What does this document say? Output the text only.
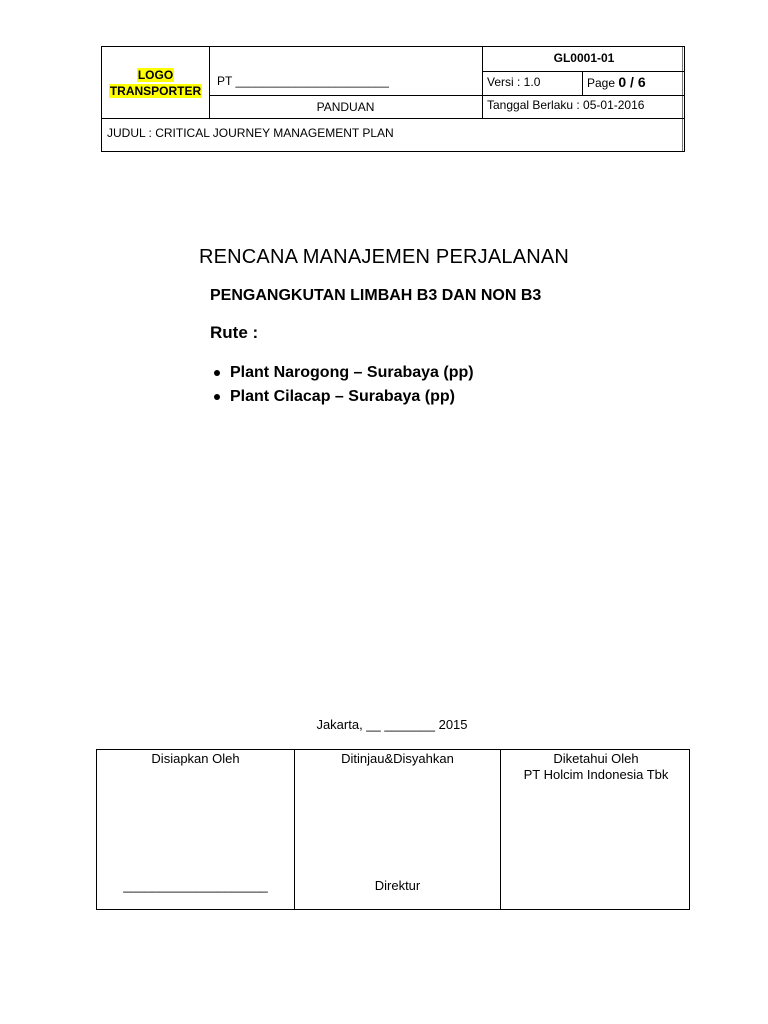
LOGO
TRANSPORTER
PT _______________________
PANDUAN
GL0001-01
Versi : 1.0	Page 0 / 6
Tanggal Berlaku : 05-01-2016
JUDUL : CRITICAL JOURNEY MANAGEMENT PLAN
RENCANA MANAJEMEN PERJALANAN
PENGANGKUTAN LIMBAH B3 DAN NON B3
Rute :
Plant Narogong – Surabaya (pp)
Plant Cilacap – Surabaya (pp)
Jakarta, __ _______ 2015
Disiapkan Oleh
____________________
Ditinjau&Disyahkan
Direktur
Diketahui Oleh
PT Holcim Indonesia Tbk
